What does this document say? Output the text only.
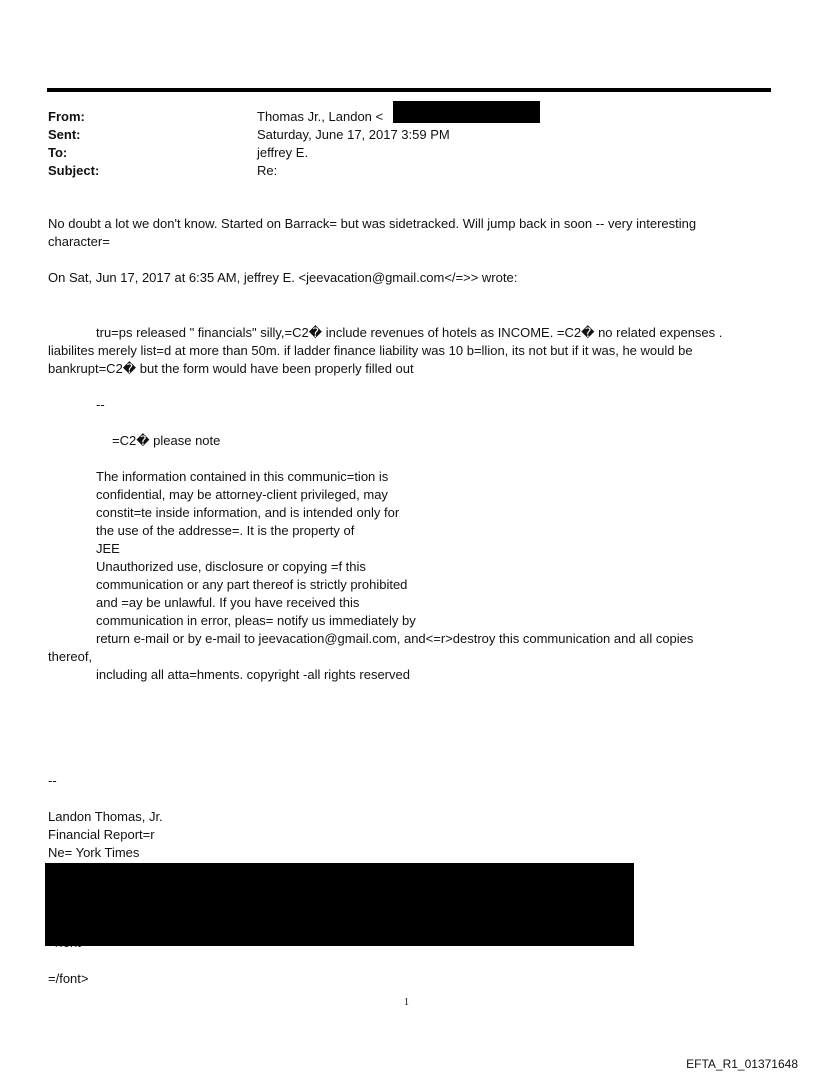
From:	Thomas Jr., Landon <
Sent:	Saturday, June 17, 2017 3:59 PM
To:	jeffrey E.
Subject:	Re:
No doubt a lot we don't know. Started on Barrack= but was sidetracked. Will jump back in soon -- very interesting
character=
On Sat, Jun 17, 2017 at 6:35 AM, jeffrey E. <jeevacation@gmail.com</=>> wrote:
tru=ps released " financials" silly,=C2� include revenues of hotels as INCOME. =C2� no related expenses .
liabilites merely list=d at more than 50m. if ladder finance liability was 10 b=llion, its not but if it was, he would be
bankrupt=C2� but the form would have been properly filled out
--
=C2� please note
The information contained in this communic=tion is
confidential, may be attorney-client privileged, may
constit=te inside information, and is intended only for
the use of the addresse=. It is the property of
JEE
Unauthorized use, disclosure or copying =f this
communication or any part thereof is strictly prohibited
and =ay be unlawful. If you have received this
communication in error, pleas= notify us immediately by
return e-mail or by e-mail to jeevacation@gmail.com, and<=r>destroy this communication and all copies
thereof,
including all atta=hments. copyright -all rights reserved
--
Landon Thomas, Jr.
Financial Report=r
Ne= York Times
=/font>
1
EFTA_R1_01371648
